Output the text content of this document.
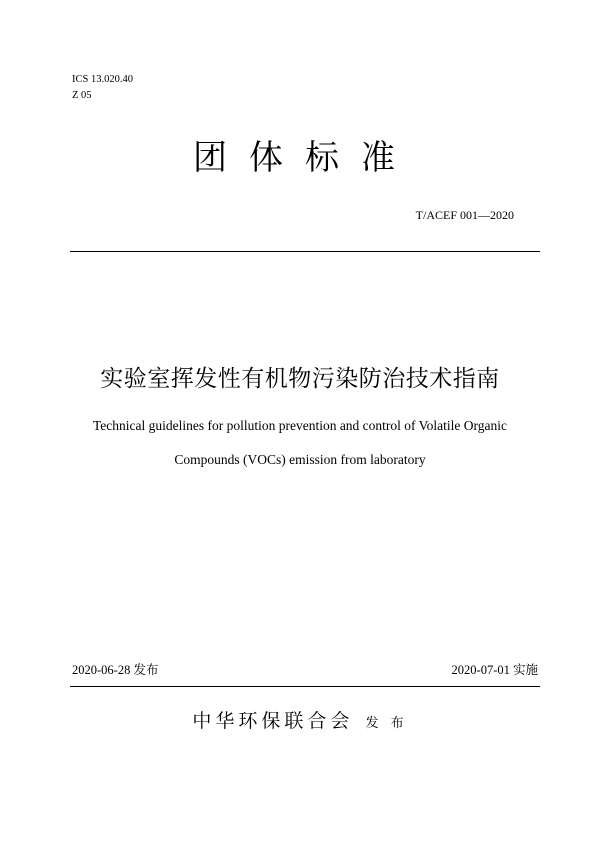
ICS 13.020.40
Z 05
团体标准
T/ACEF 001—2020
实验室挥发性有机物污染防治技术指南
Technical guidelines for pollution prevention and control of Volatile Organic
Compounds (VOCs) emission from laboratory
2020-06-28 发布	2020-07-01 实施
中华环保联合会 发 布
